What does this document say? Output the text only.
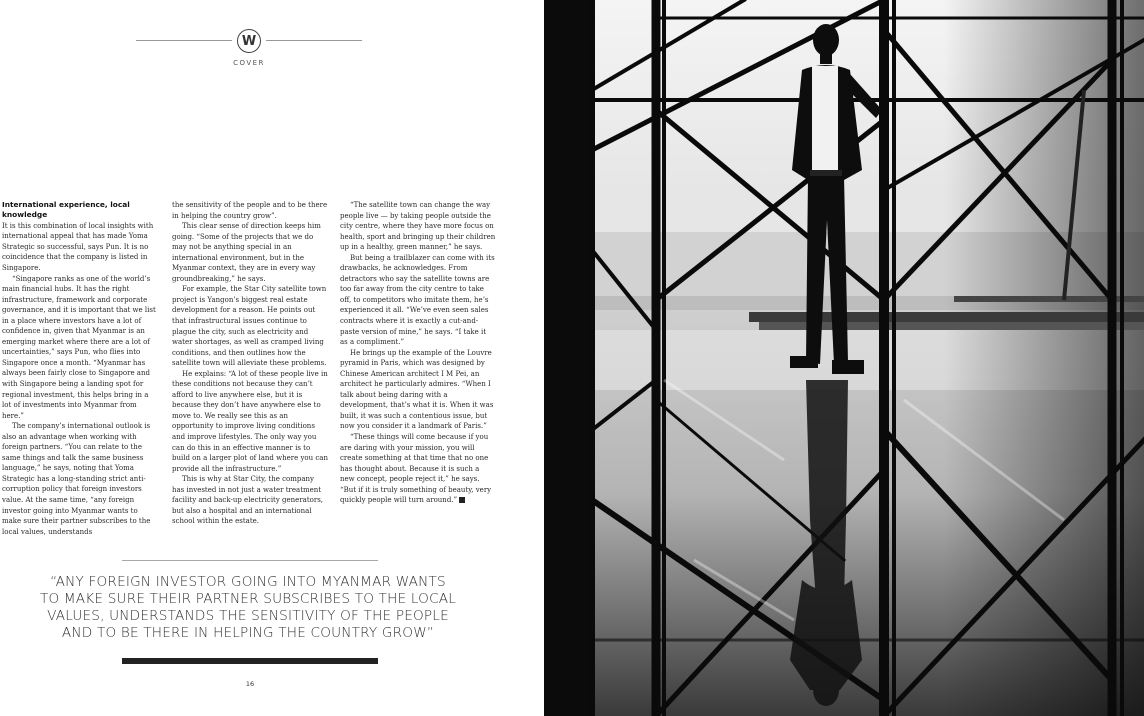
W
COVER
International experience, local knowledge

It is this combination of local insights with international appeal that has made Yoma Strategic so successful, says Pun. It is no coincidence that the company is listed in Singapore.

“Singapore ranks as one of the world’s main financial hubs. It has the right infrastructure, framework and corporate governance, and it is important that we list in a place where investors have a lot of confidence in, given that Myanmar is an emerging market where there are a lot of uncertainties,” says Pun, who flies into Singapore once a month. “Myanmar has always been fairly close to Singapore and with Singapore being a landing spot for regional investment, this helps bring in a lot of investments into Myanmar from here.”

The company’s international outlook is also an advantage when working with foreign partners. “You can relate to the same things and talk the same business language,” he says, noting that Yoma Strategic has a long-standing strict anti-corruption policy that foreign investors value. At the same time, “any foreign investor going into Myanmar wants to make sure their partner subscribes to the local values, understands

the sensitivity of the people and to be there in helping the country grow”.

This clear sense of direction keeps him going. “Some of the projects that we do may not be anything special in an international environment, but in the Myanmar context, they are in every way groundbreaking,” he says.

For example, the Star City satellite town project is Yangon’s biggest real estate development for a reason. He points out that infrastructural issues continue to plague the city, such as electricity and water shortages, as well as cramped living conditions, and then outlines how the satellite town will alleviate these problems.

He explains: “A lot of these people live in these conditions not because they can’t afford to live anywhere else, but it is because they don’t have anywhere else to move to. We really see this as an opportunity to improve living conditions and improve lifestyles. The only way you can do this in an effective manner is to build on a larger plot of land where you can provide all the infrastructure.”

This is why at Star City, the company has invested in not just a water treatment facility and back-up electricity generators, but also a hospital and an international school within the estate.

“The satellite town can change the way people live — by taking people outside the city centre, where they have more focus on health, sport and bringing up their children up in a healthy, green manner,” he says.

But being a trailblazer can come with its drawbacks, he acknowledges. From detractors who say the satellite towns are too far away from the city centre to take off, to competitors who imitate them, he’s experienced it all. “We’ve even seen sales contracts where it is exactly a cut-and-paste version of mine,” he says. “I take it as a compliment.”

He brings up the example of the Louvre pyramid in Paris, which was designed by Chinese American architect I M Pei, an architect he particularly admires. “When I talk about being daring with a development, that’s what it is. When it was built, it was such a contentious issue, but now you consider it a landmark of Paris.”

“These things will come because if you are daring with your mission, you will create something at that time that no one has thought about. Because it is such a new concept, people reject it,” he says. “But if it is truly something of beauty, very quickly people will turn around.”

“ANY FOREIGN INVESTOR GOING INTO MYANMAR WANTS
TO MAKE SURE THEIR PARTNER SUBSCRIBES TO THE LOCAL
VALUES, UNDERSTANDS THE SENSITIVITY OF THE PEOPLE
AND TO BE THERE IN HELPING THE COUNTRY GROW”
16
